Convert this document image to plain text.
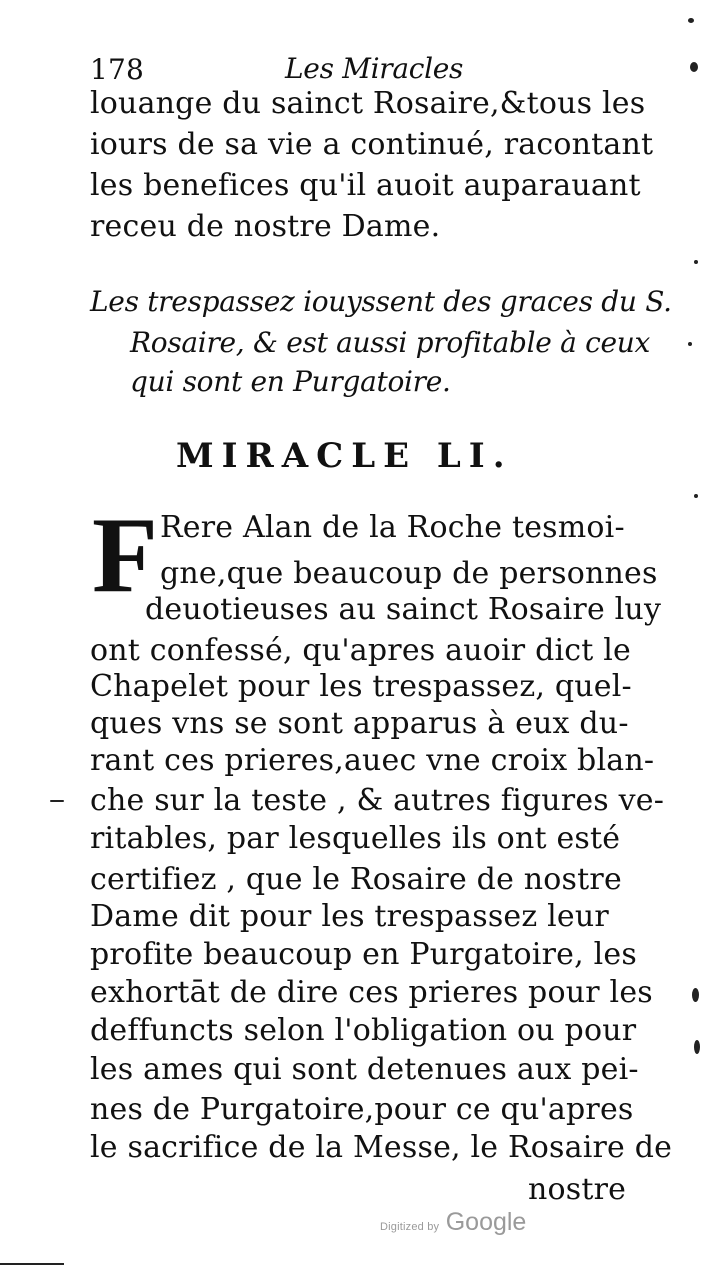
178	Les Miracles
louange du sainct Rosaire,&tous les
iours de sa vie a continué, racontant
les benefices qu'il auoit auparauant
receu de nostre Dame.
Les trespassez iouyssent des graces du S.
Rosaire, & est aussi profitable à ceux
qui sont en Purgatoire.
MIRACLE LI.
F Rere Alan de la Roche tesmoi-
gne,que beaucoup de personnes
deuotieuses au sainct Rosaire luy
ont confessé, qu'apres auoir dict le
Chapelet pour les trespassez, quel-
ques vns se sont apparus à eux du-
rant ces prieres,auec vne croix blan-
che sur la teste , & autres figures ve-
ritables, par lesquelles ils ont esté
certifiez , que le Rosaire de nostre
Dame dit pour les trespassez leur
profite beaucoup en Purgatoire, les
exhortāt de dire ces prieres pour les
deffuncts selon l'obligation ou pour
les ames qui sont detenues aux pei-
nes de Purgatoire,pour ce qu'apres
le sacrifice de la Messe, le Rosaire de
nostre
Digitized by Google
